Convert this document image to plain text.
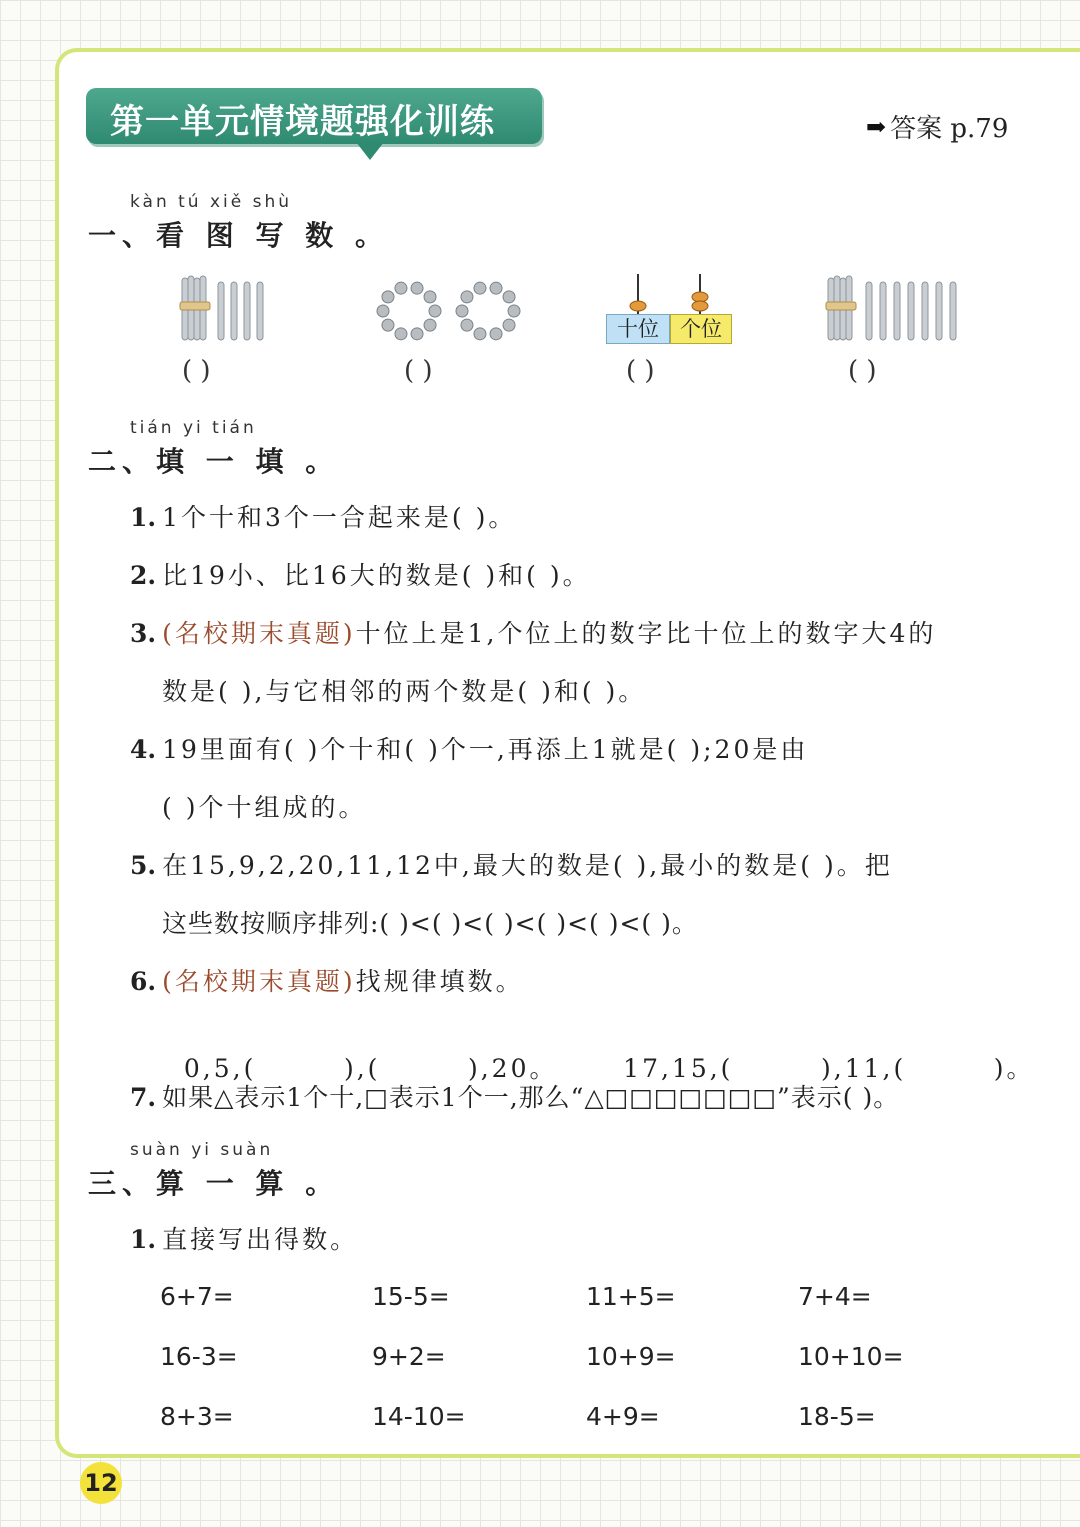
第一单元情境题强化训练	➡ 答案 p.79
kàn tú xiě shù
一、看 图 写 数 。
( )	( )
十位	个位
( )	( )
tián yi tián
二、填 一 填 。
1. 1个十和3个一合起来是( )。
2. 比19小、比16大的数是( )和( )。
3. (名校期末真题)十位上是1,个位上的数字比十位上的数字大4的
数是( ),与它相邻的两个数是( )和( )。
4. 19里面有( )个十和( )个一,再添上1就是( );20是由
( )个十组成的。
5. 在15,9,2,20,11,12中,最大的数是( ),最小的数是( )。把
这些数按顺序排列:( )<( )<( )<( )<( )<( )。
6. (名校期末真题)找规律填数。

0,5,(        ),(        ),20。      17,15,(        ),11,(        )。

7. 如果△表示1个十,□表示1个一,那么“△□□□□□□□”表示( )。
suàn yi suàn
三、算 一 算 。
1. 直接写出得数。
6+7=	15-5=	11+5=	7+4=
16-3=	9+2=	10+9=	10+10=
8+3=	14-10=	4+9=	18-5=
12
